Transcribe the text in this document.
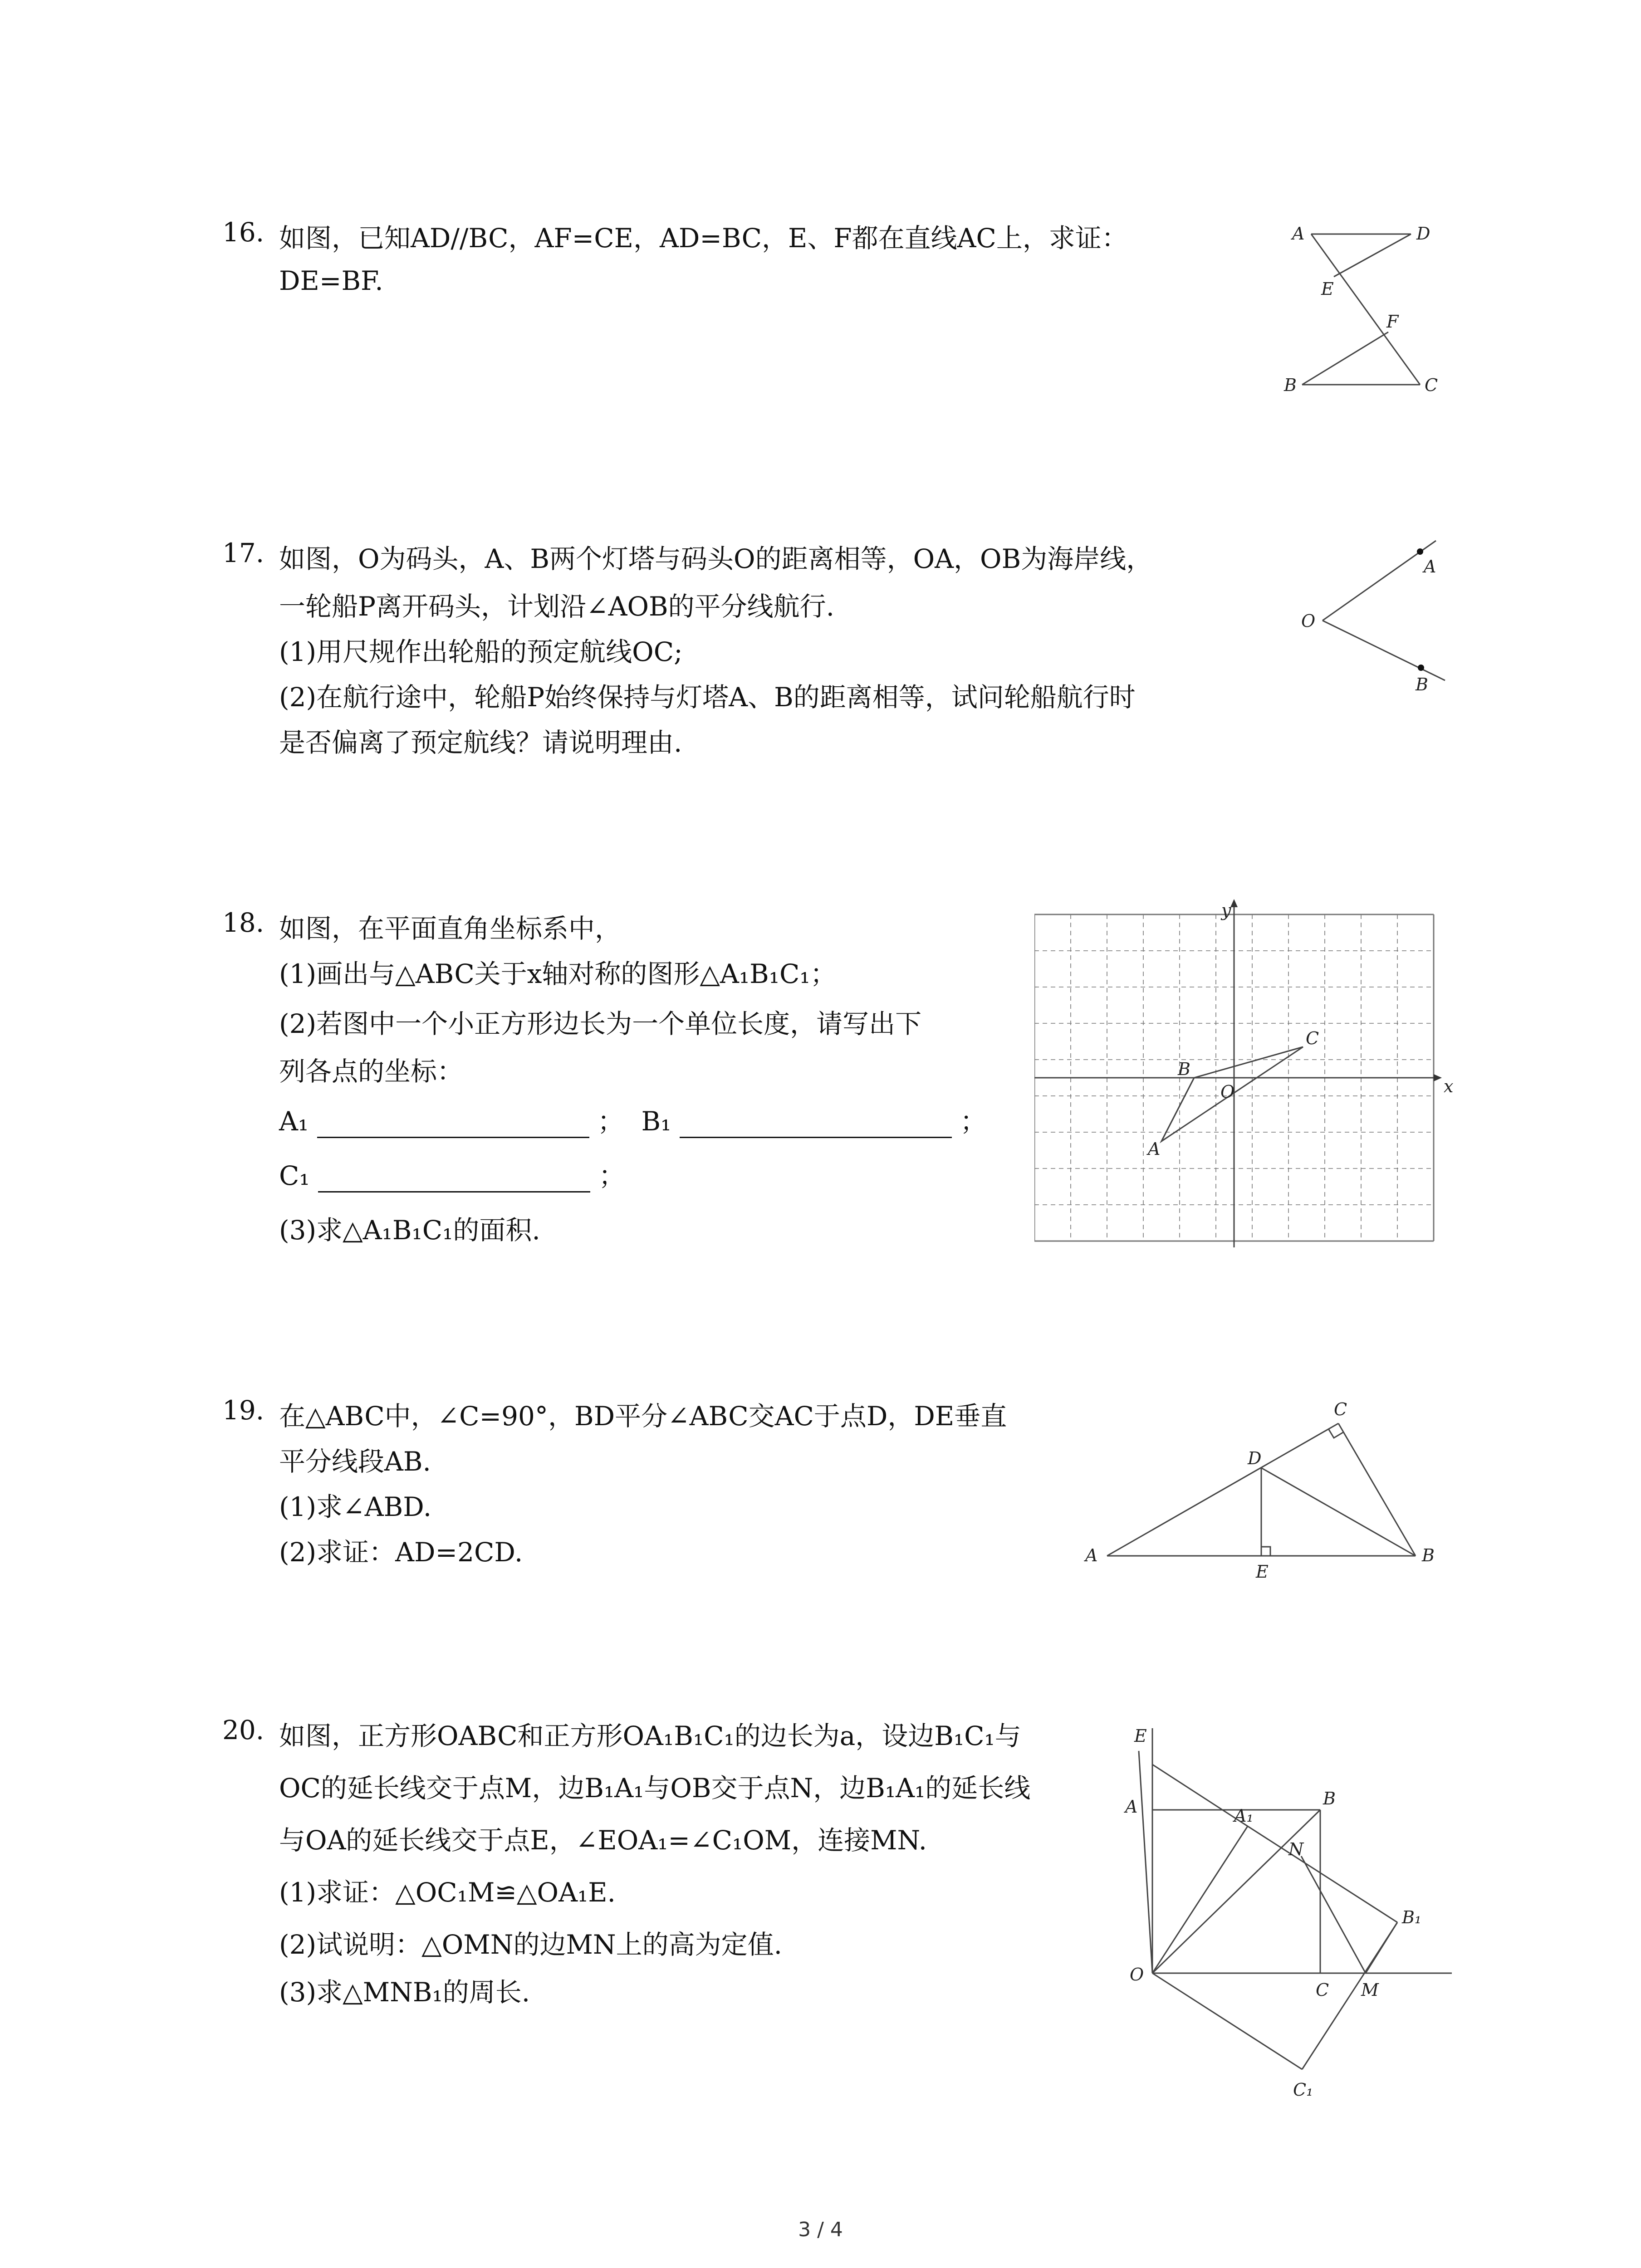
16. 如图，已知AD//BC，AF=CE，AD=BC，E、F都在直线AC上，求证：
DE=BF.
A	D
E
F
B	C
17. 如图，O为码头，A、B两个灯塔与码头O的距离相等，OA，OB为海岸线，
一轮船P离开码头，计划沿∠AOB的平分线航行.
(1)用尺规作出轮船的预定航线OC;
(2)在航行途中，轮船P始终保持与灯塔A、B的距离相等，试问轮船航行时
是否偏离了预定航线？请说明理由.
A
O
B
18. 如图，在平面直角坐标系中，
(1)画出与△ABC关于x轴对称的图形△A₁B₁C₁；
(2)若图中一个小正方形边长为一个单位长度，请写出下
列各点的坐标：
A₁	； B₁	；
C₁	；
(3)求△A₁B₁C₁的面积.
y
x
O
A
B
C
19. 在△ABC中，∠C=90°，BD平分∠ABC交AC于点D，DE垂直
平分线段AB.
(1)求∠ABD.
(2)求证：AD=2CD.	A	B
C
D
E
20. 如图，正方形OABC和正方形OA₁B₁C₁的边长为a，设边B₁C₁与
OC的延长线交于点M，边B₁A₁与OB交于点N，边B₁A₁的延长线
与OA的延长线交于点E，∠EOA₁=∠C₁OM，连接MN.
(1)求证：△OC₁M≌△OA₁E.
(2)试说明：△OMN的边MN上的高为定值.
(3)求△MNB₁的周长.
E
A	B
A₁
N
B₁
O
C M
C₁
3 / 4
